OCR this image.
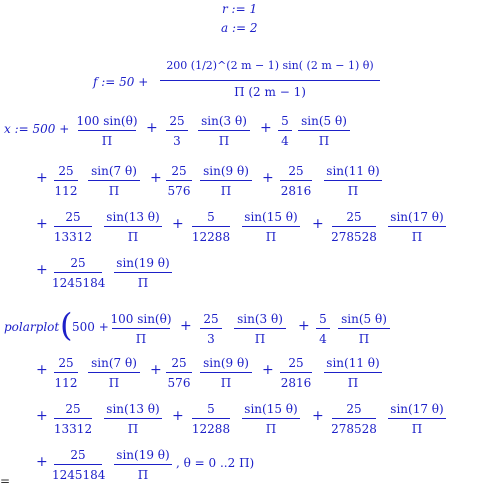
r := 1
a := 2
f := 50 +
200 (1/2)^(2 m − 1) sin( (2 m − 1) θ)
Π (2 m − 1)
x := 500 +
100 sin(θ)
Π
+ 25
3
sin(3 θ)
Π
+ 5
4
sin(5 θ)
Π
+ 25
112
sin(7 θ)
Π
+ 25
576
sin(9 θ)
Π
+	25
2816
sin(11 θ)
Π
+	25
13312
sin(13 θ)
Π
+	5
12288
sin(15 θ)
Π
+	25
278528
sin(17 θ)
Π
+	25
1245184
sin(19 θ)
Π
polarplot ( 500 +
100 sin(θ)
Π
+ 25
3
sin(3 θ)
Π
+ 5
4
sin(5 θ)
Π
+ 25
112
sin(7 θ)
Π
+ 25
576
sin(9 θ)
Π
+	25
2816
sin(11 θ)
Π
+	25
13312
sin(13 θ)
Π
+	5
12288
sin(15 θ)
Π
+	25
278528
sin(17 θ)
Π
+	25
1245184
sin(19 θ)
Π
, θ = 0 ..2 Π)
=
